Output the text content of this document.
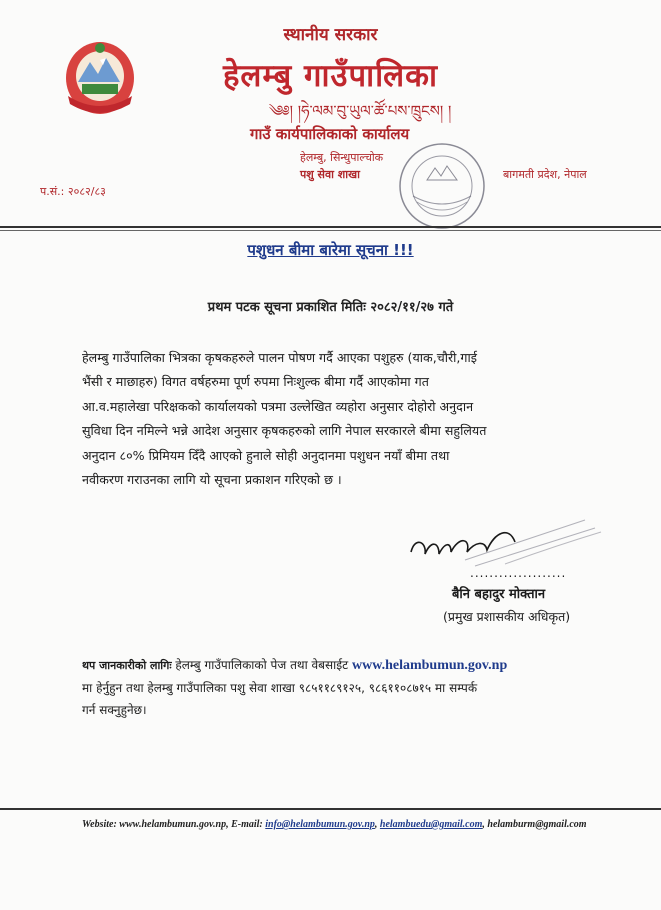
स्थानीय सरकार
हेलम्बु गाउँपालिका
༄༅། །ཧེ་ལམ་བུ་ཡུལ་ཚོ་པས་ཁྲུངས། །
गाउँ कार्यपालिकाको कार्यालय
हेलम्बु, सिन्धुपाल्चोक
पशु सेवा शाखा	बागमती प्रदेश, नेपाल
प.सं.: २०८२/८३
पशुधन बीमा बारेमा सूचना !!!
प्रथम पटक सूचना प्रकाशित मितिः २०८२/११/२७ गते
हेलम्बु गाउँपालिका भित्रका कृषकहरुले पालन पोषण गर्दै आएका पशुहरु (याक,चौरी,गाई
भैंसी र माछाहरु) विगत वर्षहरुमा पूर्ण रुपमा निःशुल्क बीमा गर्दै आएकोमा गत
आ.व.महालेखा परिक्षकको कार्यालयको पत्रमा उल्लेखित व्यहोरा अनुसार दोहोरो अनुदान
सुविधा दिन नमिल्ने भन्ने आदेश अनुसार कृषकहरुको लागि नेपाल सरकारले बीमा सहुलियत
अनुदान ८०% प्रिमियम दिँदै आएको हुनाले सोही अनुदानमा पशुधन नयाँ बीमा तथा
नवीकरण गराउनका लागि यो सूचना प्रकाशन गरिएको छ ।
....................
बैनि बहादुर मोक्तान
(प्रमुख प्रशासकीय अधिकृत)
थप जानकारीको लागिः हेलम्बु गाउँपालिकाको पेज तथा वेबसाईट www.helambumun.gov.np
मा हेर्नुहुन तथा हेलम्बु गाउँपालिका पशु सेवा शाखा ९८५११८९१२५, ९८६११०८७१५ मा सम्पर्क
गर्न सक्नुहुनेछ।
Website: www.helambumun.gov.np, E-mail: info@helambumun.gov.np, helambuedu@gmail.com, helamburm@gmail.com
